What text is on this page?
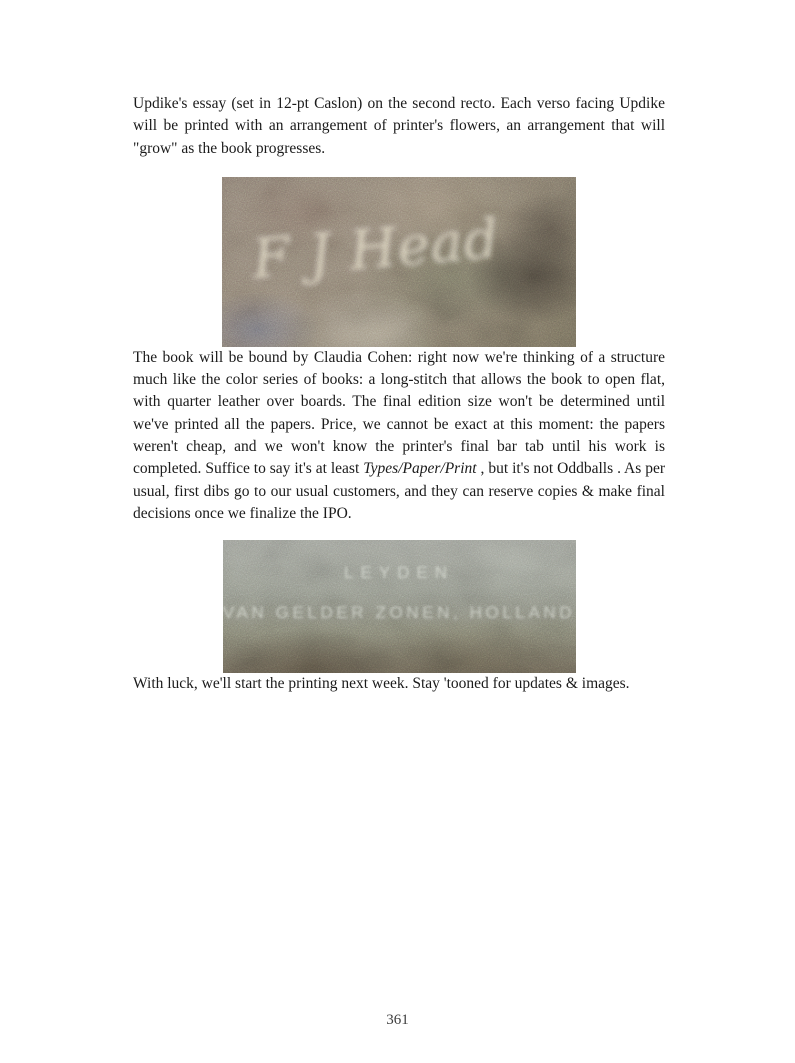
Updike's essay (set in 12-pt Caslon) on the second recto. Each verso facing Updike will be printed with an arrangement of printer's flowers, an arrangement that will "grow" as the book progresses.

F J Head

The book will be bound by Claudia Cohen: right now we're thinking of a structure much like the color series of books: a long-stitch that allows the book to open flat, with quarter leather over boards. The final edition size won't be determined until we've printed all the papers. Price, we cannot be exact at this moment: the papers weren't cheap, and we won't know the printer's final bar tab until his work is completed. Suffice to say it's at least Types/Paper/Print , but it's not Oddballs . As per usual, first dibs go to our usual customers, and they can reserve copies & make final decisions once we finalize the IPO.

LEYDEN
VAN GELDER ZONEN, HOLLAND

With luck, we'll start the printing next week. Stay 'tooned for updates & images.

361
